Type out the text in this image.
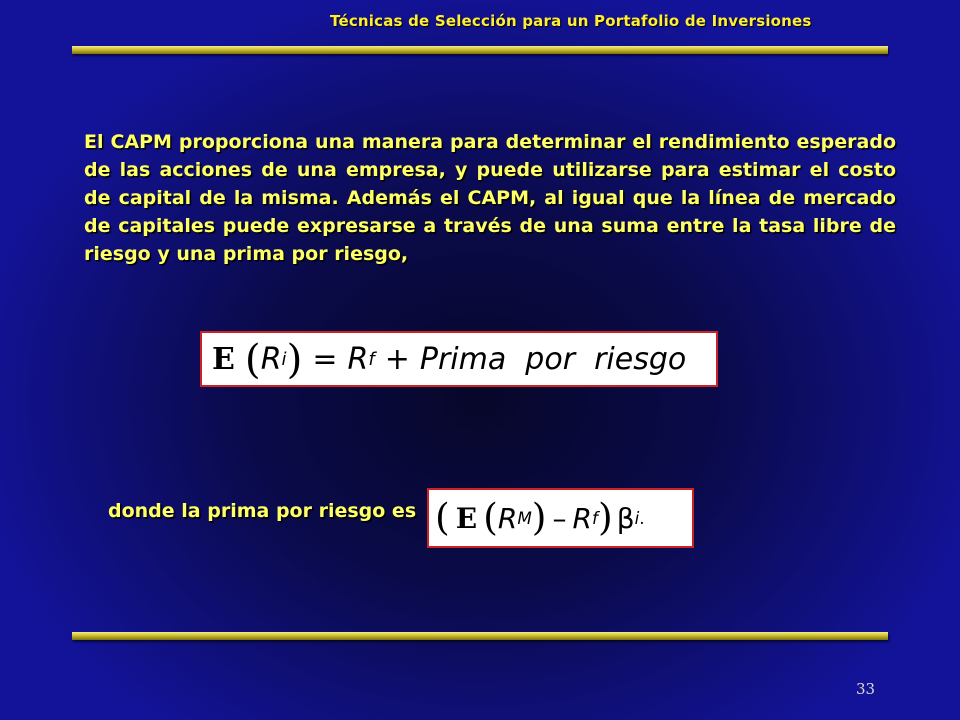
Técnicas de Selección para un Portafolio de Inversiones

El CAPM proporciona una manera para determinar el rendimiento esperado de las acciones de una empresa, y puede utilizarse para estimar el costo de capital de la misma. Además el CAPM, al igual que la línea de mercado de capitales puede expresarse a través de una suma entre la tasa libre de riesgo y una prima por riesgo,

E ( R i ) = R f + Prima  por  riesgo
donde la prima por riesgo es ( E ( R M ) – R f ) β i .
33
